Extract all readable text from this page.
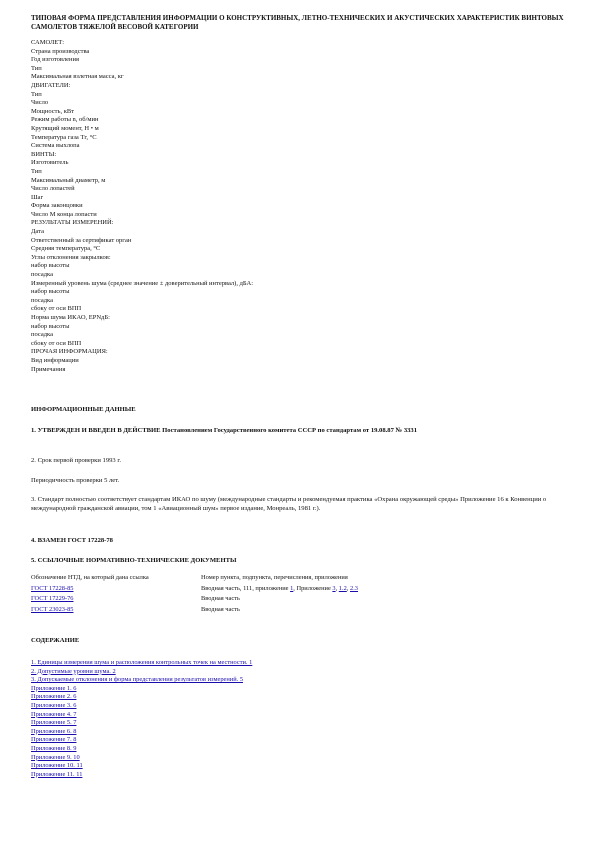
ТИПОВАЯ ФОРМА ПРЕДСТАВЛЕНИЯ ИНФОРМАЦИИ О КОНСТРУКТИВНЫХ, ЛЕТНО-ТЕХНИЧЕСКИХ И АКУСТИЧЕСКИХ ХАРАКТЕРИСТИК ВИНТОВЫХ САМОЛЕТОВ ТЯЖЕЛОЙ ВЕСОВОЙ КАТЕГОРИИ
САМОЛЕТ:
Страна производства
Год изготовления
Тип
Максимальная взлетная масса, кг
ДВИГАТЕЛИ:
Тип
Число
Мощность, кВт
Режим работы n, об/мин
Крутящий момент, Н • м
Температура газа Тг, °С
Система выхлопа
ВИНТЫ:
Изготовитель
Тип
Максимальный диаметр, м
Число лопастей
Шаг
Форма законцовки
Число М конца лопасти
РЕЗУЛЬТАТЫ ИЗМЕРЕНИЙ:
Дата
Ответственный за сертификат орган
Средняя температура, °С
Углы отклонения закрылков:
набор высоты
посадка
Измеренный уровень шума (среднее значение ± доверительный интервал), дБА:
набор высоты
посадка
сбоку от оси ВПП
Норма шума ИКАО, EPNдБ:
набор высоты
посадка
сбоку от оси ВПП
ПРОЧАЯ ИНФОРМАЦИЯ:
Вид информации
Примечания
ИНФОРМАЦИОННЫЕ ДАННЫЕ
1. УТВЕРЖДЕН И ВВЕДЕН В ДЕЙСТВИЕ Постановлением Государственного комитета СССР по стандартам от 19.08.87 № 3331
2. Срок первой проверки 1993 г.
Периодичность проверки 5 лет.
3. Стандарт полностью соответствует стандартам ИКАО по шуму (международные стандарты и рекомендуемая практика «Охрана окружающей среды» Приложение 16 к Конвенции о международной гражданской авиации, том 1 «Авиационный шум» первое издание, Монреаль, 1981 г.).
4. ВЗАМЕН ГОСТ 17228-78
5. ССЫЛОЧНЫЕ НОРМАТИВНО-ТЕХНИЧЕСКИЕ ДОКУМЕНТЫ
Обозначение НТД, на который дана ссылка	Номер пункта, подпункта, перечисления, приложения
ГОСТ 17228-85	Вводная часть, 111, приложение 1, Приложение 3, 1.2, 2.3
ГОСТ 17229-76	Вводная часть
ГОСТ 23023-85	Вводная часть
СОДЕРЖАНИЕ
1. Единицы измерения шума и расположения контрольных точек на местности. 1
2. Допустимые уровни шума. 2
3. Допускаемые отклонения и форма представления результатов измерений. 5
Приложение 1. 6
Приложение 2. 6
Приложение 3. 6
Приложение 4. 7
Приложение 5. 7
Приложение 6. 8
Приложение 7. 8
Приложение 8. 9
Приложение 9. 10
Приложение 10. 11
Приложение 11. 11
